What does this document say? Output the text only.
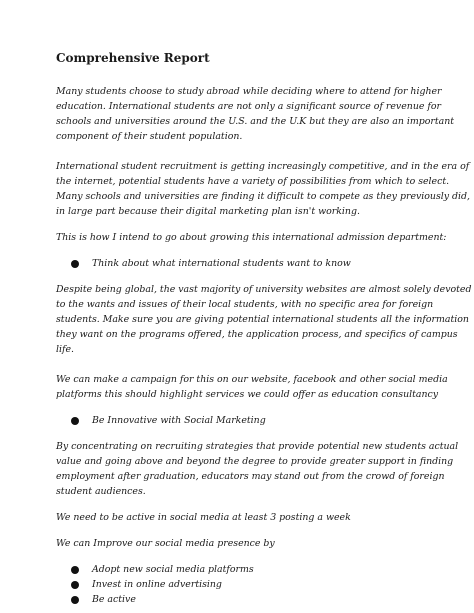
Comprehensive Report

Many students choose to study abroad while deciding where to attend for higher
education. International students are not only a significant source of revenue for
schools and universities around the U.S. and the U.K but they are also an important
component of their student population.

International student recruitment is getting increasingly competitive, and in the era of
the internet, potential students have a variety of possibilities from which to select.
Many schools and universities are finding it difficult to compete as they previously did,
in large part because their digital marketing plan isn't working.

This is how I intend to go about growing this international admission department:

Think about what international students want to know

Despite being global, the vast majority of university websites are almost solely devoted
to the wants and issues of their local students, with no specific area for foreign
students. Make sure you are giving potential international students all the information
they want on the programs offered, the application process, and specifics of campus
life.

We can make a campaign for this on our website, facebook and other social media
platforms this should highlight services we could offer as education consultancy

Be Innovative with Social Marketing

By concentrating on recruiting strategies that provide potential new students actual
value and going above and beyond the degree to provide greater support in finding
employment after graduation, educators may stand out from the crowd of foreign
student audiences.

We need to be active in social media at least 3 posting a week

We can Improve our social media presence by

Adopt new social media platforms
Invest in online advertising
Be active
